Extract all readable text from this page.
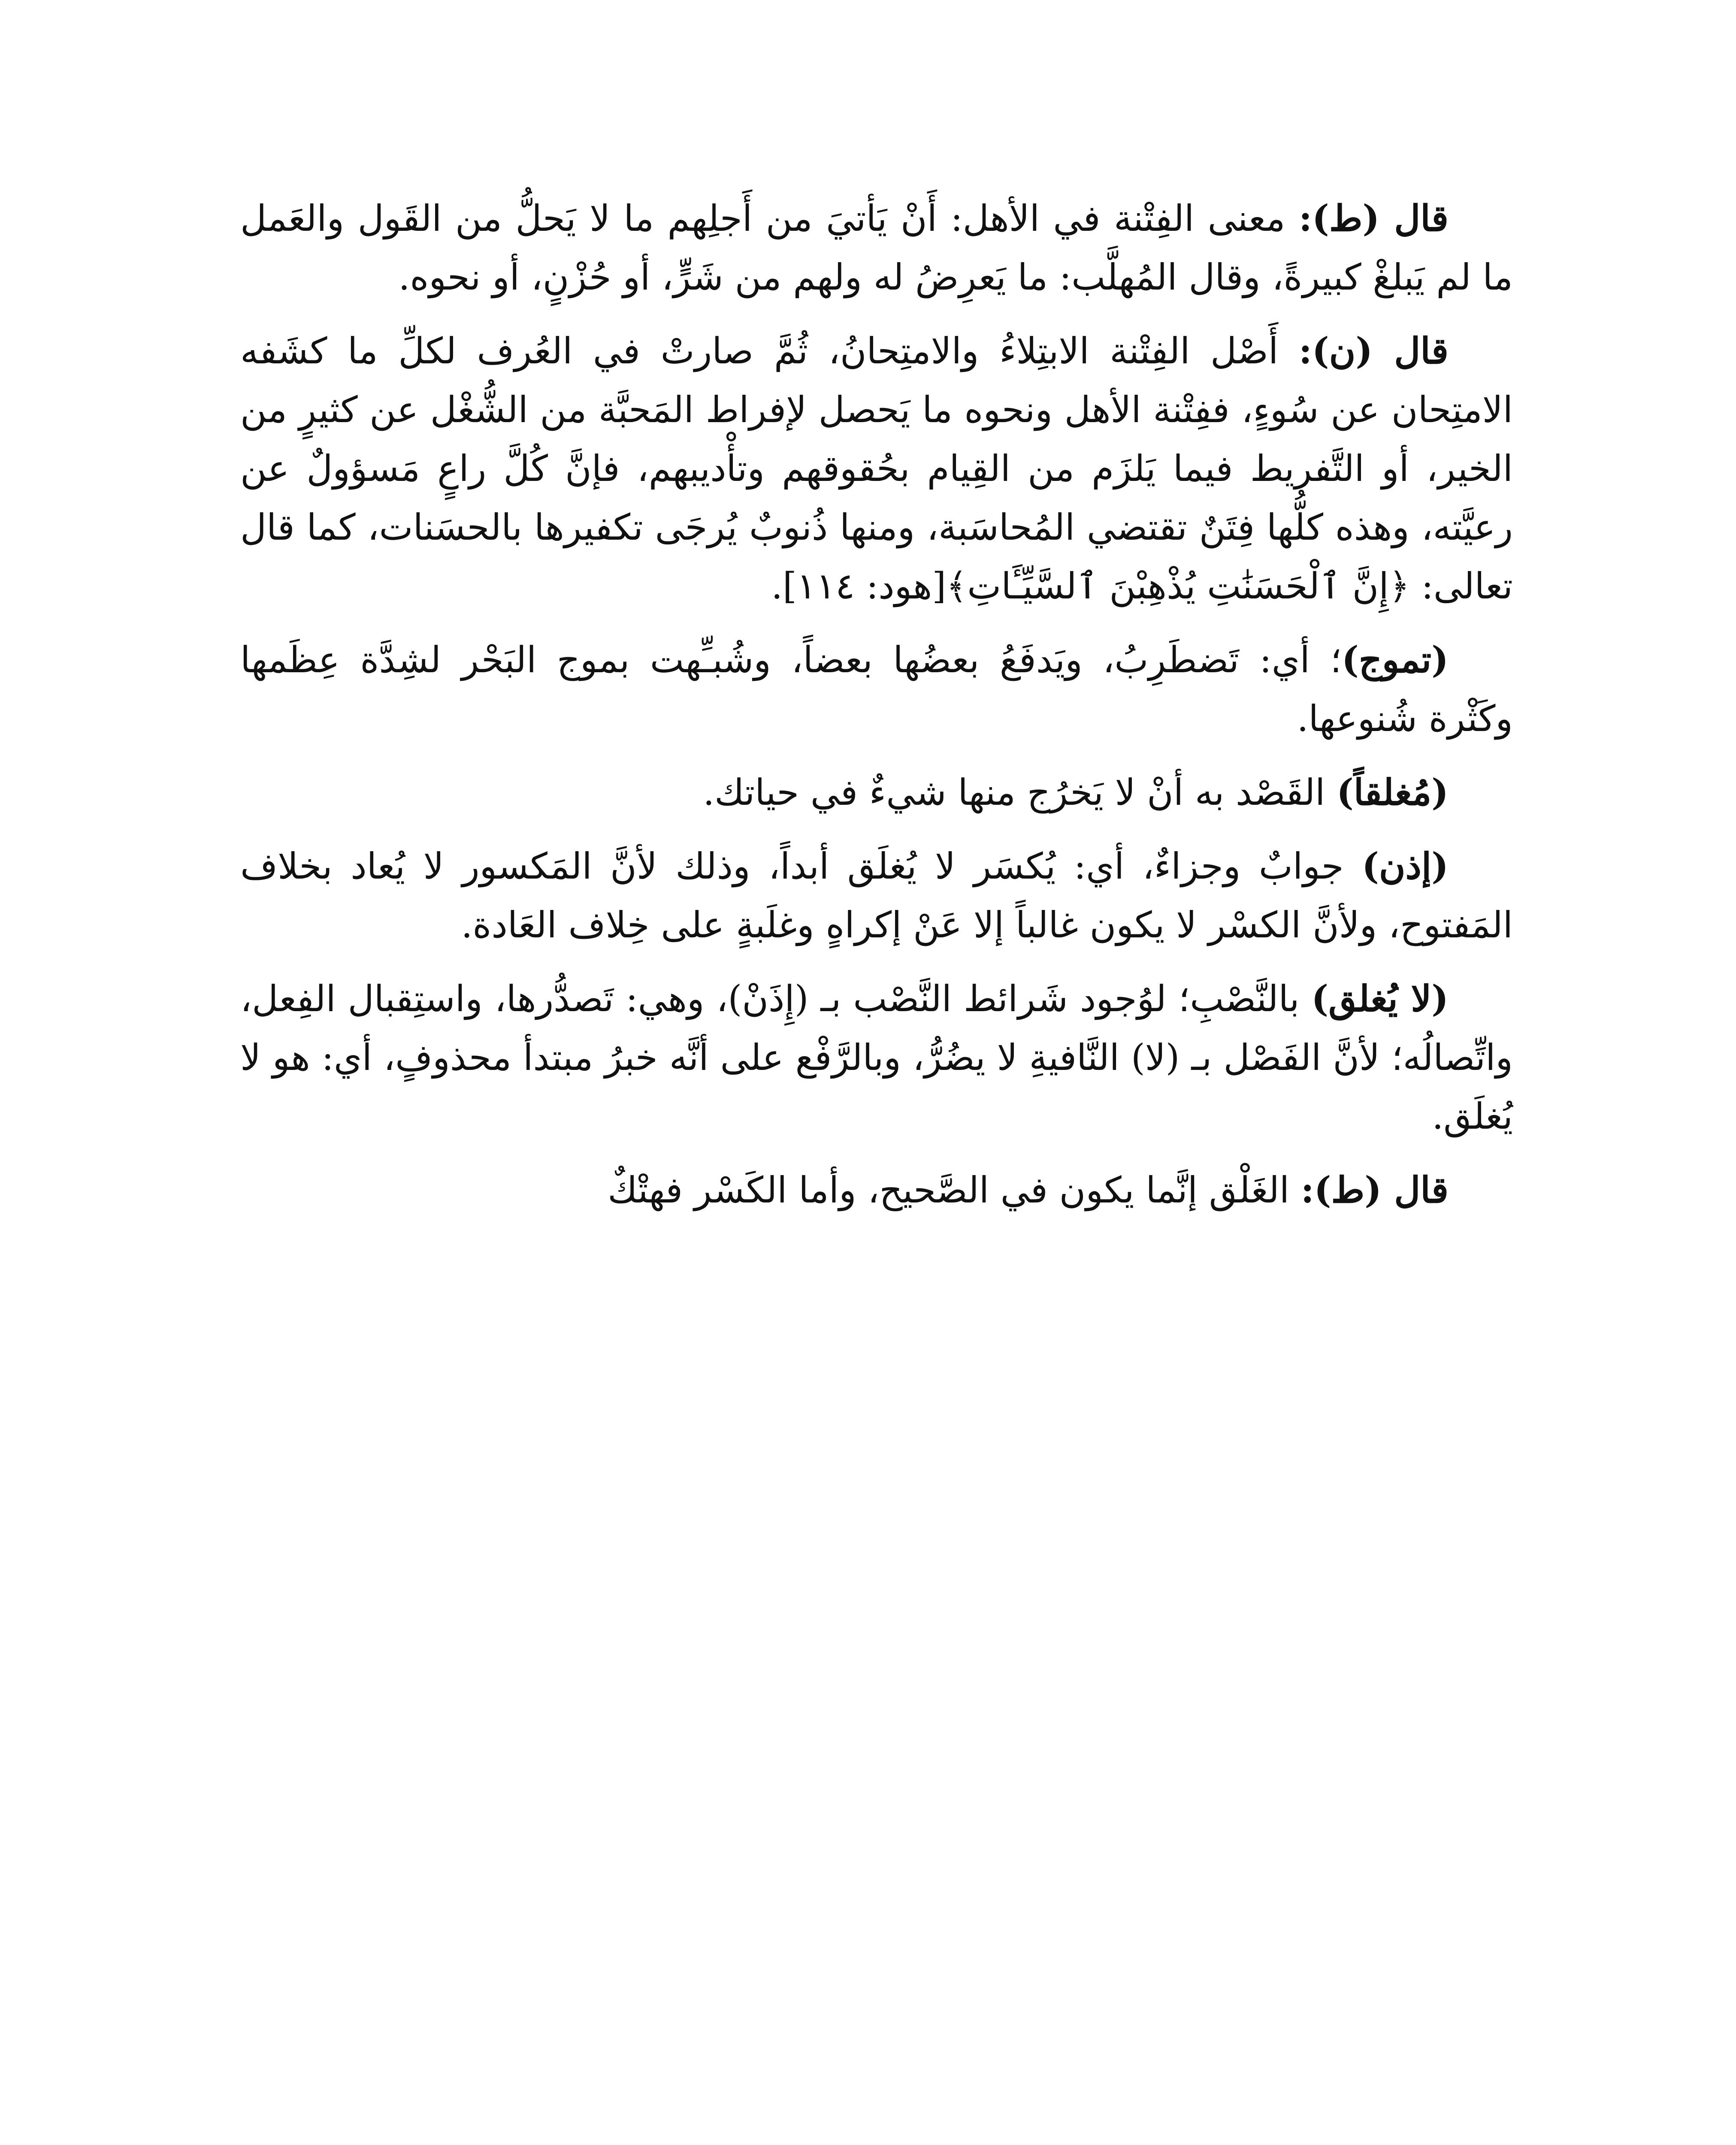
قال (ط): معنى الفِتْنة في الأهل: أَنْ يَأتيَ من أَجلِهم ما لا يَحلُّ من القَول والعَمل ما لم يَبلغْ كبيرةً، وقال المُهلَّب: ما يَعرِضُ له ولهم من شَرٍّ، أو حُزْنٍ، أو نحوه.

قال (ن): أَصْل الفِتْنة الابتِلاءُ والامتِحانُ، ثُمَّ صارتْ في العُرف لكلِّ ما كشَفه الامتِحان عن سُوءٍ، ففِتْنة الأهل ونحوه ما يَحصل لإفراط المَحبَّة من الشُّغْل عن كثيرٍ من الخير، أو التَّفريط فيما يَلزَم من القِيام بحُقوقهم وتأْديبهم، فإنَّ كُلَّ راعٍ مَسؤولٌ عن رعيَّته، وهذه كلُّها فِتَنٌ تقتضي المُحاسَبة، ومنها ذُنوبٌ يُرجَى تكفيرها بالحسَنات، كما قال تعالى: ﴿إِنَّ ٱلْحَسَنَٰتِ يُذْهِبْنَ ٱلسَّيِّـَٔاتِ﴾[هود: ١١٤].

(تموج)؛ أي: تَضطَرِبُ، ويَدفَعُ بعضُها بعضاً، وشُبـِّهت بموج البَحْر لشِدَّة عِظَمها وكَثْرة شُنوعها.

(مُغلقاً) القَصْد به أنْ لا يَخرُج منها شيءٌ في حياتك.

(إذن) جوابٌ وجزاءٌ، أي: يُكسَر لا يُغلَق أبداً، وذلك لأنَّ المَكسور لا يُعاد بخلاف المَفتوح، ولأنَّ الكسْر لا يكون غالباً إلا عَنْ إكراهٍ وغلَبةٍ على خِلاف العَادة.

(لا يُغلق) بالنَّصْبِ؛ لوُجود شَرائط النَّصْب بـ (إِذَنْ)، وهي: تَصدُّرها، واستِقبال الفِعل، واتِّصالُه؛ لأنَّ الفَصْل بـ (لا) النَّافيةِ لا يضُرُّ، وبالرَّفْع على أنَّه خبرُ مبتدأ محذوفٍ، أي: هو لا يُغلَق.

قال (ط): الغَلْق إنَّما يكون في الصَّحيح، وأما الكَسْر فهتْكٌ
